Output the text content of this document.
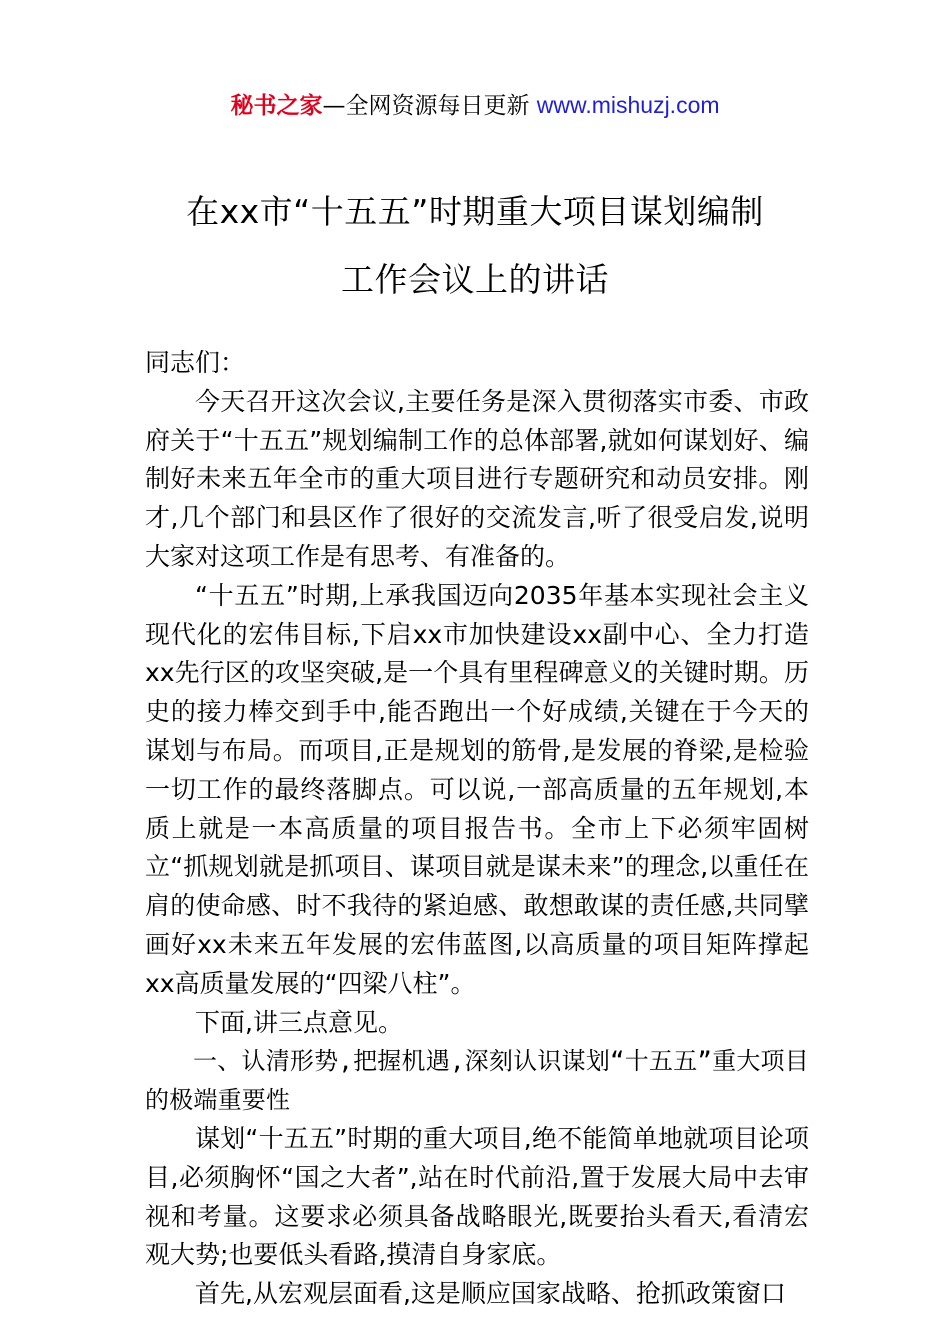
秘书之家—全网资源每日更新 www.mishuzj.com
在xx市“十五五”时期重大项目谋划编制
工作会议上的讲话

同志们：

今天召开这次会议,主要任务是深入贯彻落实市委、市政府关于“十五五”规划编制工作的总体部署,就如何谋划好、编制好未来五年全市的重大项目进行专题研究和动员安排。刚才,几个部门和县区作了很好的交流发言,听了很受启发,说明大家对这项工作是有思考、有准备的。

“十五五”时期,上承我国迈向2035年基本实现社会主义现代化的宏伟目标,下启xx市加快建设xx副中心、全力打造xx先行区的攻坚突破,是一个具有里程碑意义的关键时期。历史的接力棒交到手中,能否跑出一个好成绩,关键在于今天的谋划与布局。而项目,正是规划的筋骨,是发展的脊梁,是检验一切工作的最终落脚点。可以说,一部高质量的五年规划,本质上就是一本高质量的项目报告书。全市上下必须牢固树立“抓规划就是抓项目、谋项目就是谋未来”的理念,以重任在肩的使命感、时不我待的紧迫感、敢想敢谋的责任感,共同擘画好xx未来五年发展的宏伟蓝图,以高质量的项目矩阵撑起xx高质量发展的“四梁八柱”。

下面,讲三点意见。

一、认清形势,把握机遇,深刻认识谋划“十五五”重大项目的极端重要性

谋划“十五五”时期的重大项目,绝不能简单地就项目论项目,必须胸怀“国之大者”,站在时代前沿,置于发展大局中去审视和考量。这要求必须具备战略眼光,既要抬头看天,看清宏观大势;也要低头看路,摸清自身家底。

首先,从宏观层面看,这是顺应国家战略、抢抓政策窗口
